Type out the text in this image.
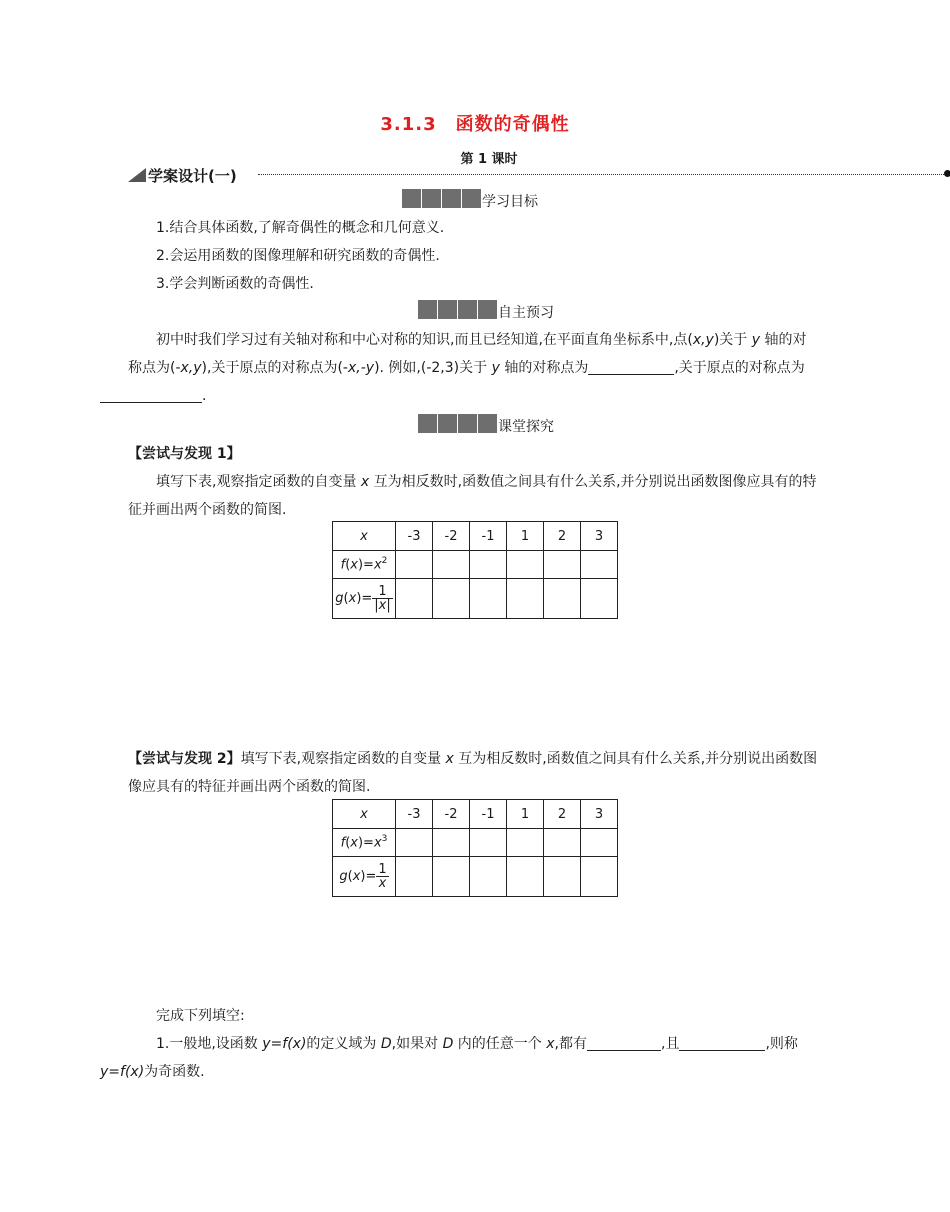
3.1.3　函数的奇偶性
第 1 课时
学案设计(一)
学习目标
1.结合具体函数,了解奇偶性的概念和几何意义.
2.会运用函数的图像理解和研究函数的奇偶性.
3.学会判断函数的奇偶性.
自主预习
初中时我们学习过有关轴对称和中心对称的知识,而且已经知道,在平面直角坐标系中,点(x,y)关于 y 轴的对称点为(-x,y),关于原点的对称点为(-x,-y). 例如,(-2,3)关于 y 轴的对称点为	,关于原点的对称点为
.
课堂探究
【尝试与发现 1】
填写下表,观察指定函数的自变量 x 互为相反数时,函数值之间具有什么关系,并分别说出函数图像应具有的特征并画出两个函数的简图.
x	-3	-2	-1	1	2	3
$f(x)=x^2$						
$g(x)= \frac{1}{|x|}$

【尝试与发现 2】填写下表,观察指定函数的自变量 x 互为相反数时,函数值之间具有什么关系,并分别说出函数图像应具有的特征并画出两个函数的简图.
x	-3	-2	-1	1	2	3
$f(x)=x^3$						
$g(x)= \frac{1}{x}$

完成下列填空:
1.一般地,设函数 y=f(x)的定义域为 D,如果对 D 内的任意一个 x,都有	,且	,则称
y=f(x)为奇函数.
